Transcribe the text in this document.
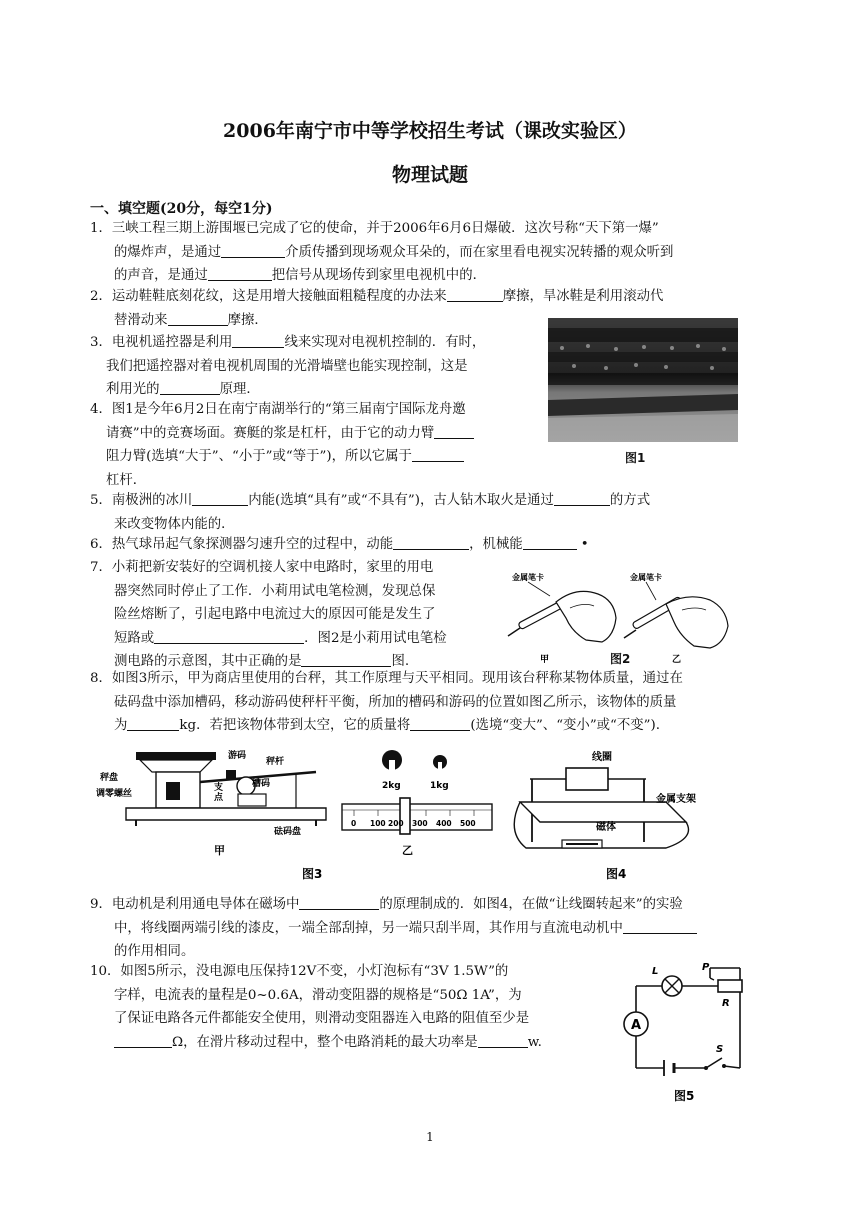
2006年南宁市中等学校招生考试（课改实验区）
物理试题
一、填空题(20分，每空1分)
1．三峡工程三期上游围堰已完成了它的使命，并于2006年6月6日爆破．这次号称“天下第一爆”
的爆炸声，是通过	介质传播到现场观众耳朵的，而在家里看电视实况转播的观众听到
的声音，是通过	把信号从现场传到家里电视机中的．
2．运动鞋鞋底刻花纹，这是用增大接触面粗糙程度的办法来	摩擦，旱冰鞋是利用滚动代
替滑动来	摩擦．
3．电视机遥控器是利用	线来实现对电视机控制的．有时，
我们把遥控器对着电视机周围的光滑墙壁也能实现控制，这是
利用光的	原理．
4．图1是今年6月2日在南宁南湖举行的“第三届南宁国际龙舟邀
请赛”中的竞赛场面。赛艇的浆是杠杆，由于它的动力臂
阻力臂(选填“大于”、“小于”或“等于”)，所以它属于
杠杆．
图1
5．南极洲的冰川	内能(选填“具有”或“不具有”)，古人钻木取火是通过	的方式
来改变物体内能的．
6．热气球吊起气象探测器匀速升空的过程中，动能	，机械能	•
7．小莉把新安装好的空调机接人家中电路时，家里的用电
器突然同时停止了工作．小莉用试电笔检测，发现总保
险丝熔断了，引起电路中电流过大的原因可能是发生了
短路或	．图2是小莉用试电笔检
测电路的示意图，其中正确的是	图.
金属笔卡
甲
金属笔卡
乙
图2
8．如图3所示，甲为商店里使用的台秤，其工作原理与天平相同。现用该台秤称某物体质量，通过在
砝码盘中添加槽码，移动游码使秤杆平衡，所加的槽码和游码的位置如图乙所示，该物体的质量
为	kg．若把该物体带到太空，它的质量将	(选境“变大”、“变小”或“不变”).
秤盘
调零螺丝
游码
秤杆
支
点
槽码
砝码盘
甲
2kg	1kg
0 100	300 400 500
200
乙
图3
线圈
金属支架
磁体
图4
9．电动机是利用通电导体在磁场中	的原理制成的．如图4，在做“让线圈转起来”的实验
中，将线圈两端引线的漆皮，一端全部刮掉，另一端只刮半周，其作用与直流电动机中
的作用相同。
10．如图5所示，没电源电压保持12V不变，小灯泡标有“3V 1.5W”的
字样，电流表的量程是0~0.6A，滑动变阻器的规格是“50Ω 1A”，为
了保证电路各元件都能安全使用，则滑动变阻器连入电路的阻值至少是
Ω，在滑片移动过程中，整个电路消耗的最大功率是	w.
A
L	P
R
S
图5
1
